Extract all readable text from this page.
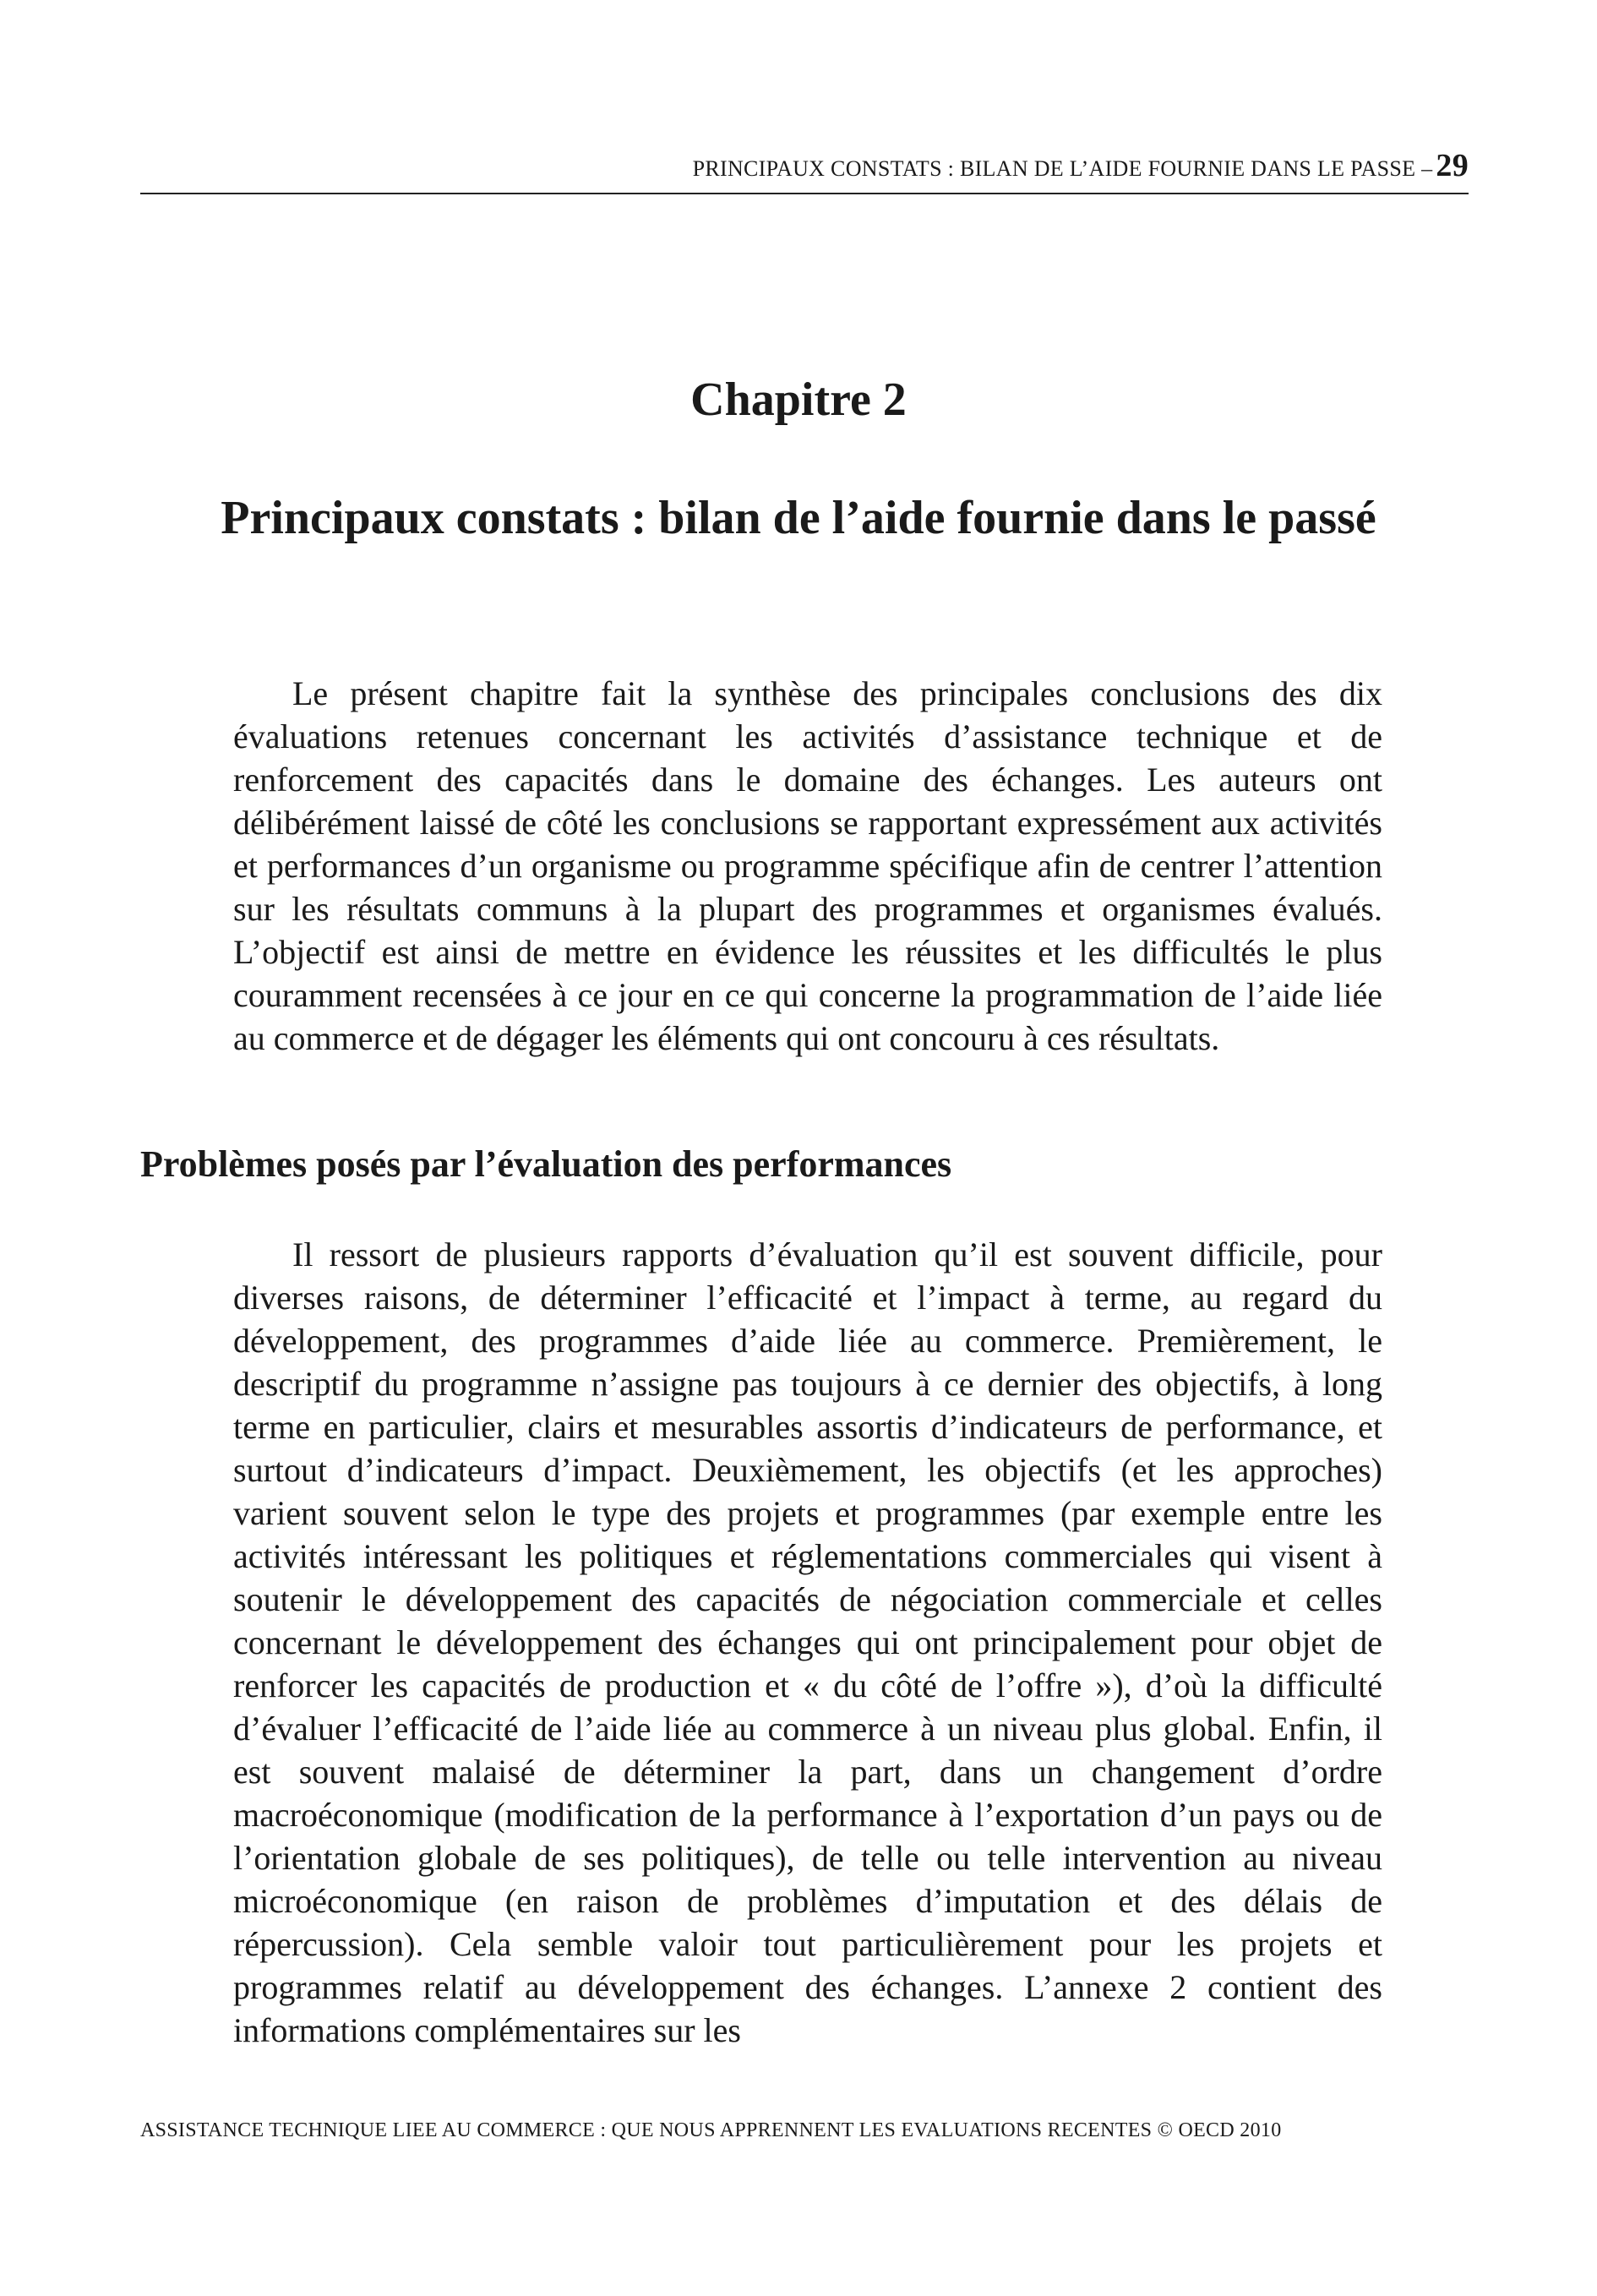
PRINCIPAUX CONSTATS : BILAN DE L’AIDE FOURNIE DANS LE PASSE – 29
Chapitre 2
Principaux constats : bilan de l’aide fournie dans le passé

Le présent chapitre fait la synthèse des principales conclusions des dix évaluations retenues concernant les activités d’assistance technique et de renforcement des capacités dans le domaine des échanges. Les auteurs ont délibérément laissé de côté les conclusions se rapportant expressément aux activités et performances d’un organisme ou programme spécifique afin de centrer l’attention sur les résultats communs à la plupart des programmes et organismes évalués. L’objectif est ainsi de mettre en évidence les réussites et les difficultés le plus couramment recensées à ce jour en ce qui concerne la programmation de l’aide liée au commerce et de dégager les éléments qui ont concouru à ces résultats.

Problèmes posés par l’évaluation des performances

Il ressort de plusieurs rapports d’évaluation qu’il est souvent difficile, pour diverses raisons, de déterminer l’efficacité et l’impact à terme, au regard du développement, des programmes d’aide liée au commerce. Premièrement, le descriptif du programme n’assigne pas toujours à ce dernier des objectifs, à long terme en particulier, clairs et mesurables assortis d’indicateurs de performance, et surtout d’indicateurs d’impact. Deuxièmement, les objectifs (et les approches) varient souvent selon le type des projets et programmes (par exemple entre les activités intéressant les politiques et réglementations commerciales qui visent à soutenir le développement des capacités de négociation commerciale et celles concernant le développement des échanges qui ont principalement pour objet de renforcer les capacités de production et « du côté de l’offre »), d’où la difficulté d’évaluer l’efficacité de l’aide liée au commerce à un niveau plus global. Enfin, il est souvent malaisé de déterminer la part, dans un changement d’ordre macroéconomique (modification de la performance à l’exportation d’un pays ou de l’orientation globale de ses politiques), de telle ou telle intervention au niveau microéconomique (en raison de problèmes d’imputation et des délais de répercussion). Cela semble valoir tout particulièrement pour les projets et programmes relatif au développement des échanges. L’annexe 2 contient des informations complémentaires sur les

ASSISTANCE TECHNIQUE LIEE AU COMMERCE : QUE NOUS APPRENNENT LES EVALUATIONS RECENTES © OECD 2010
